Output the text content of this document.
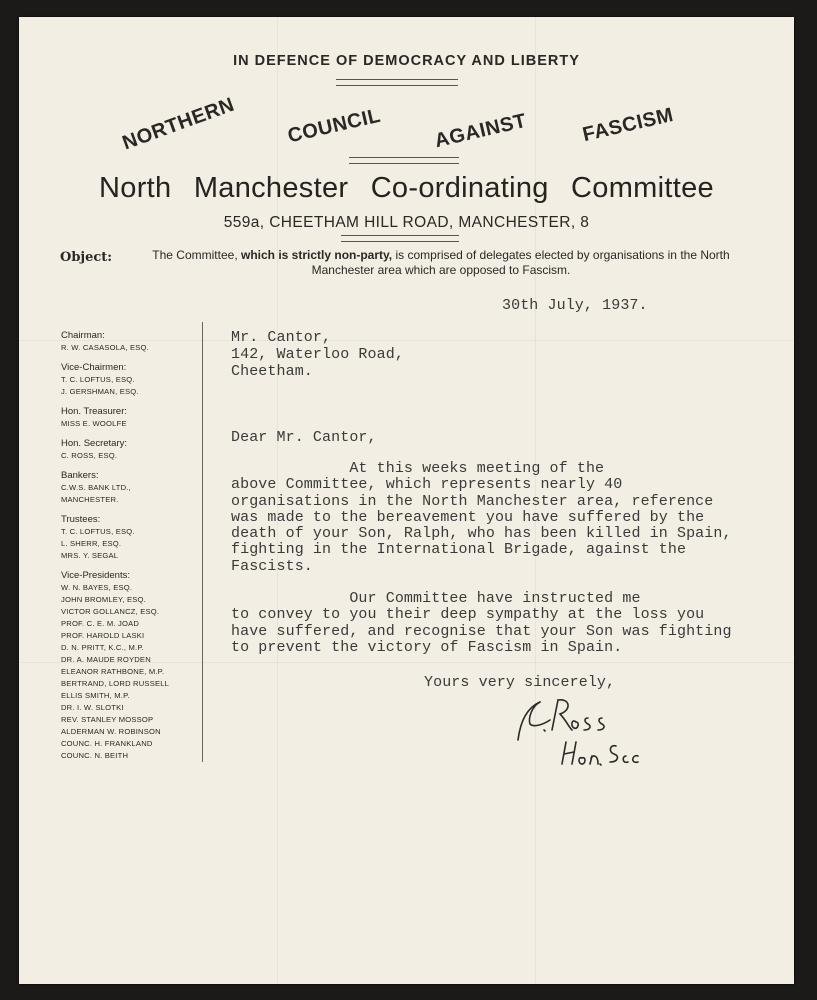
IN DEFENCE OF DEMOCRACY AND LIBERTY
NORTHERN COUNCIL AGAINST	FASCISM
North Manchester Co-ordinating Committee
559a, CHEETHAM HILL ROAD, MANCHESTER, 8
Object:	The Committee, which is strictly non-party, is comprised of delegates elected by organisations in the North Manchester area which are opposed to Fascism.
Chairman:
R. W. CASASOLA, ESQ.
Vice-Chairmen:
T. C. LOFTUS, ESQ.
J. GERSHMAN, ESQ.
Hon. Treasurer:
MISS E. WOOLFE
Hon. Secretary:
C. ROSS, ESQ.
Bankers:
C.W.S. BANK LTD.,
MANCHESTER.
Trustees:
T. C. LOFTUS, ESQ.
L. SHERR, ESQ.
MRS. Y. SEGAL
Vice-Presidents:
W. N. BAYES, ESQ.
JOHN BROMLEY, ESQ.
VICTOR GOLLANCZ, ESQ.
PROF. C. E. M. JOAD
PROF. HAROLD LASKI
D. N. PRITT, K.C., M.P.
DR. A. MAUDE ROYDEN
ELEANOR RATHBONE, M.P.
BERTRAND, LORD RUSSELL
ELLIS SMITH, M.P.
DR. I. W. SLOTKI
REV. STANLEY MOSSOP
ALDERMAN W. ROBINSON
COUNC. H. FRANKLAND
COUNC. N. BEITH
30th July, 1937.
Mr. Cantor,
142, Waterloo Road,
Cheetham.
Dear Mr. Cantor,
At this weeks meeting of the
above Committee, which represents nearly 40
organisations in the North Manchester area, reference
was made to the bereavement you have suffered by the
death of your Son, Ralph, who has been killed in Spain,
fighting in the International Brigade, against the
Fascists.
Our Committee have instructed me
to convey to you their deep sympathy at the loss you
have suffered, and recognise that your Son was fighting
to prevent the victory of Fascism in Spain.
Yours very sincerely,
